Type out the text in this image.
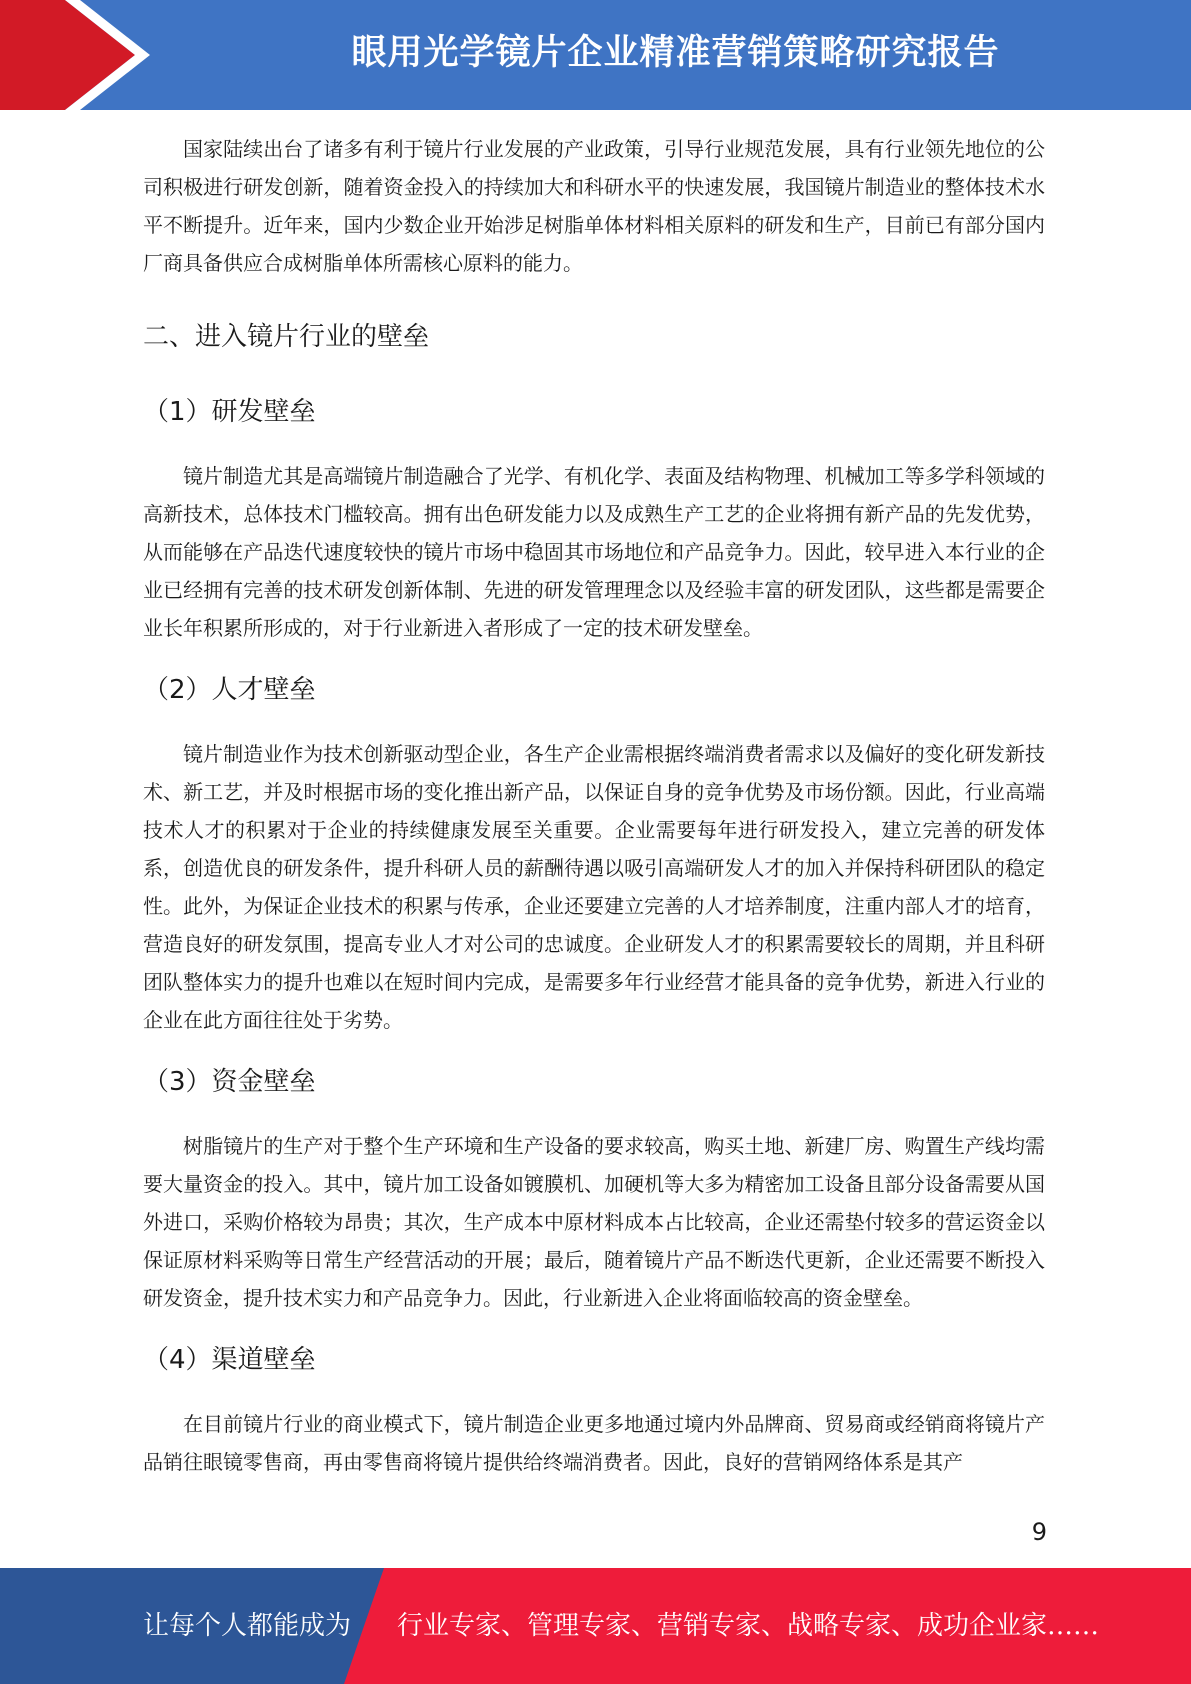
眼用光学镜片企业精准营销策略研究报告

国家陆续出台了诸多有利于镜片行业发展的产业政策，引导行业规范发展，具有行业领先地位的公司积极进行研发创新，随着资金投入的持续加大和科研水平的快速发展，我国镜片制造业的整体技术水平不断提升。近年来，国内少数企业开始涉足树脂单体材料相关原料的研发和生产，目前已有部分国内厂商具备供应合成树脂单体所需核心原料的能力。

二、进入镜片行业的壁垒
（1）研发壁垒

镜片制造尤其是高端镜片制造融合了光学、有机化学、表面及结构物理、机械加工等多学科领域的高新技术，总体技术门槛较高。拥有出色研发能力以及成熟生产工艺的企业将拥有新产品的先发优势，从而能够在产品迭代速度较快的镜片市场中稳固其市场地位和产品竞争力。因此，较早进入本行业的企业已经拥有完善的技术研发创新体制、先进的研发管理理念以及经验丰富的研发团队，这些都是需要企业长年积累所形成的，对于行业新进入者形成了一定的技术研发壁垒。

（2）人才壁垒

镜片制造业作为技术创新驱动型企业，各生产企业需根据终端消费者需求以及偏好的变化研发新技术、新工艺，并及时根据市场的变化推出新产品，以保证自身的竞争优势及市场份额。因此，行业高端技术人才的积累对于企业的持续健康发展至关重要。企业需要每年进行研发投入，建立完善的研发体系，创造优良的研发条件，提升科研人员的薪酬待遇以吸引高端研发人才的加入并保持科研团队的稳定性。此外，为保证企业技术的积累与传承，企业还要建立完善的人才培养制度，注重内部人才的培育，营造良好的研发氛围，提高专业人才对公司的忠诚度。企业研发人才的积累需要较长的周期，并且科研团队整体实力的提升也难以在短时间内完成，是需要多年行业经营才能具备的竞争优势，新进入行业的企业在此方面往往处于劣势。

（3）资金壁垒

树脂镜片的生产对于整个生产环境和生产设备的要求较高，购买土地、新建厂房、购置生产线均需要大量资金的投入。其中，镜片加工设备如镀膜机、加硬机等大多为精密加工设备且部分设备需要从国外进口，采购价格较为昂贵；其次，生产成本中原材料成本占比较高，企业还需垫付较多的营运资金以保证原材料采购等日常生产经营活动的开展；最后，随着镜片产品不断迭代更新，企业还需要不断投入研发资金，提升技术实力和产品竞争力。因此，行业新进入企业将面临较高的资金壁垒。

（4）渠道壁垒

在目前镜片行业的商业模式下，镜片制造企业更多地通过境内外品牌商、贸易商或经销商将镜片产品销往眼镜零售商，再由零售商将镜片提供给终端消费者。因此，良好的营销网络体系是其产

9
让每个人都能成为 行业专家、管理专家、营销专家、战略专家、成功企业家……
